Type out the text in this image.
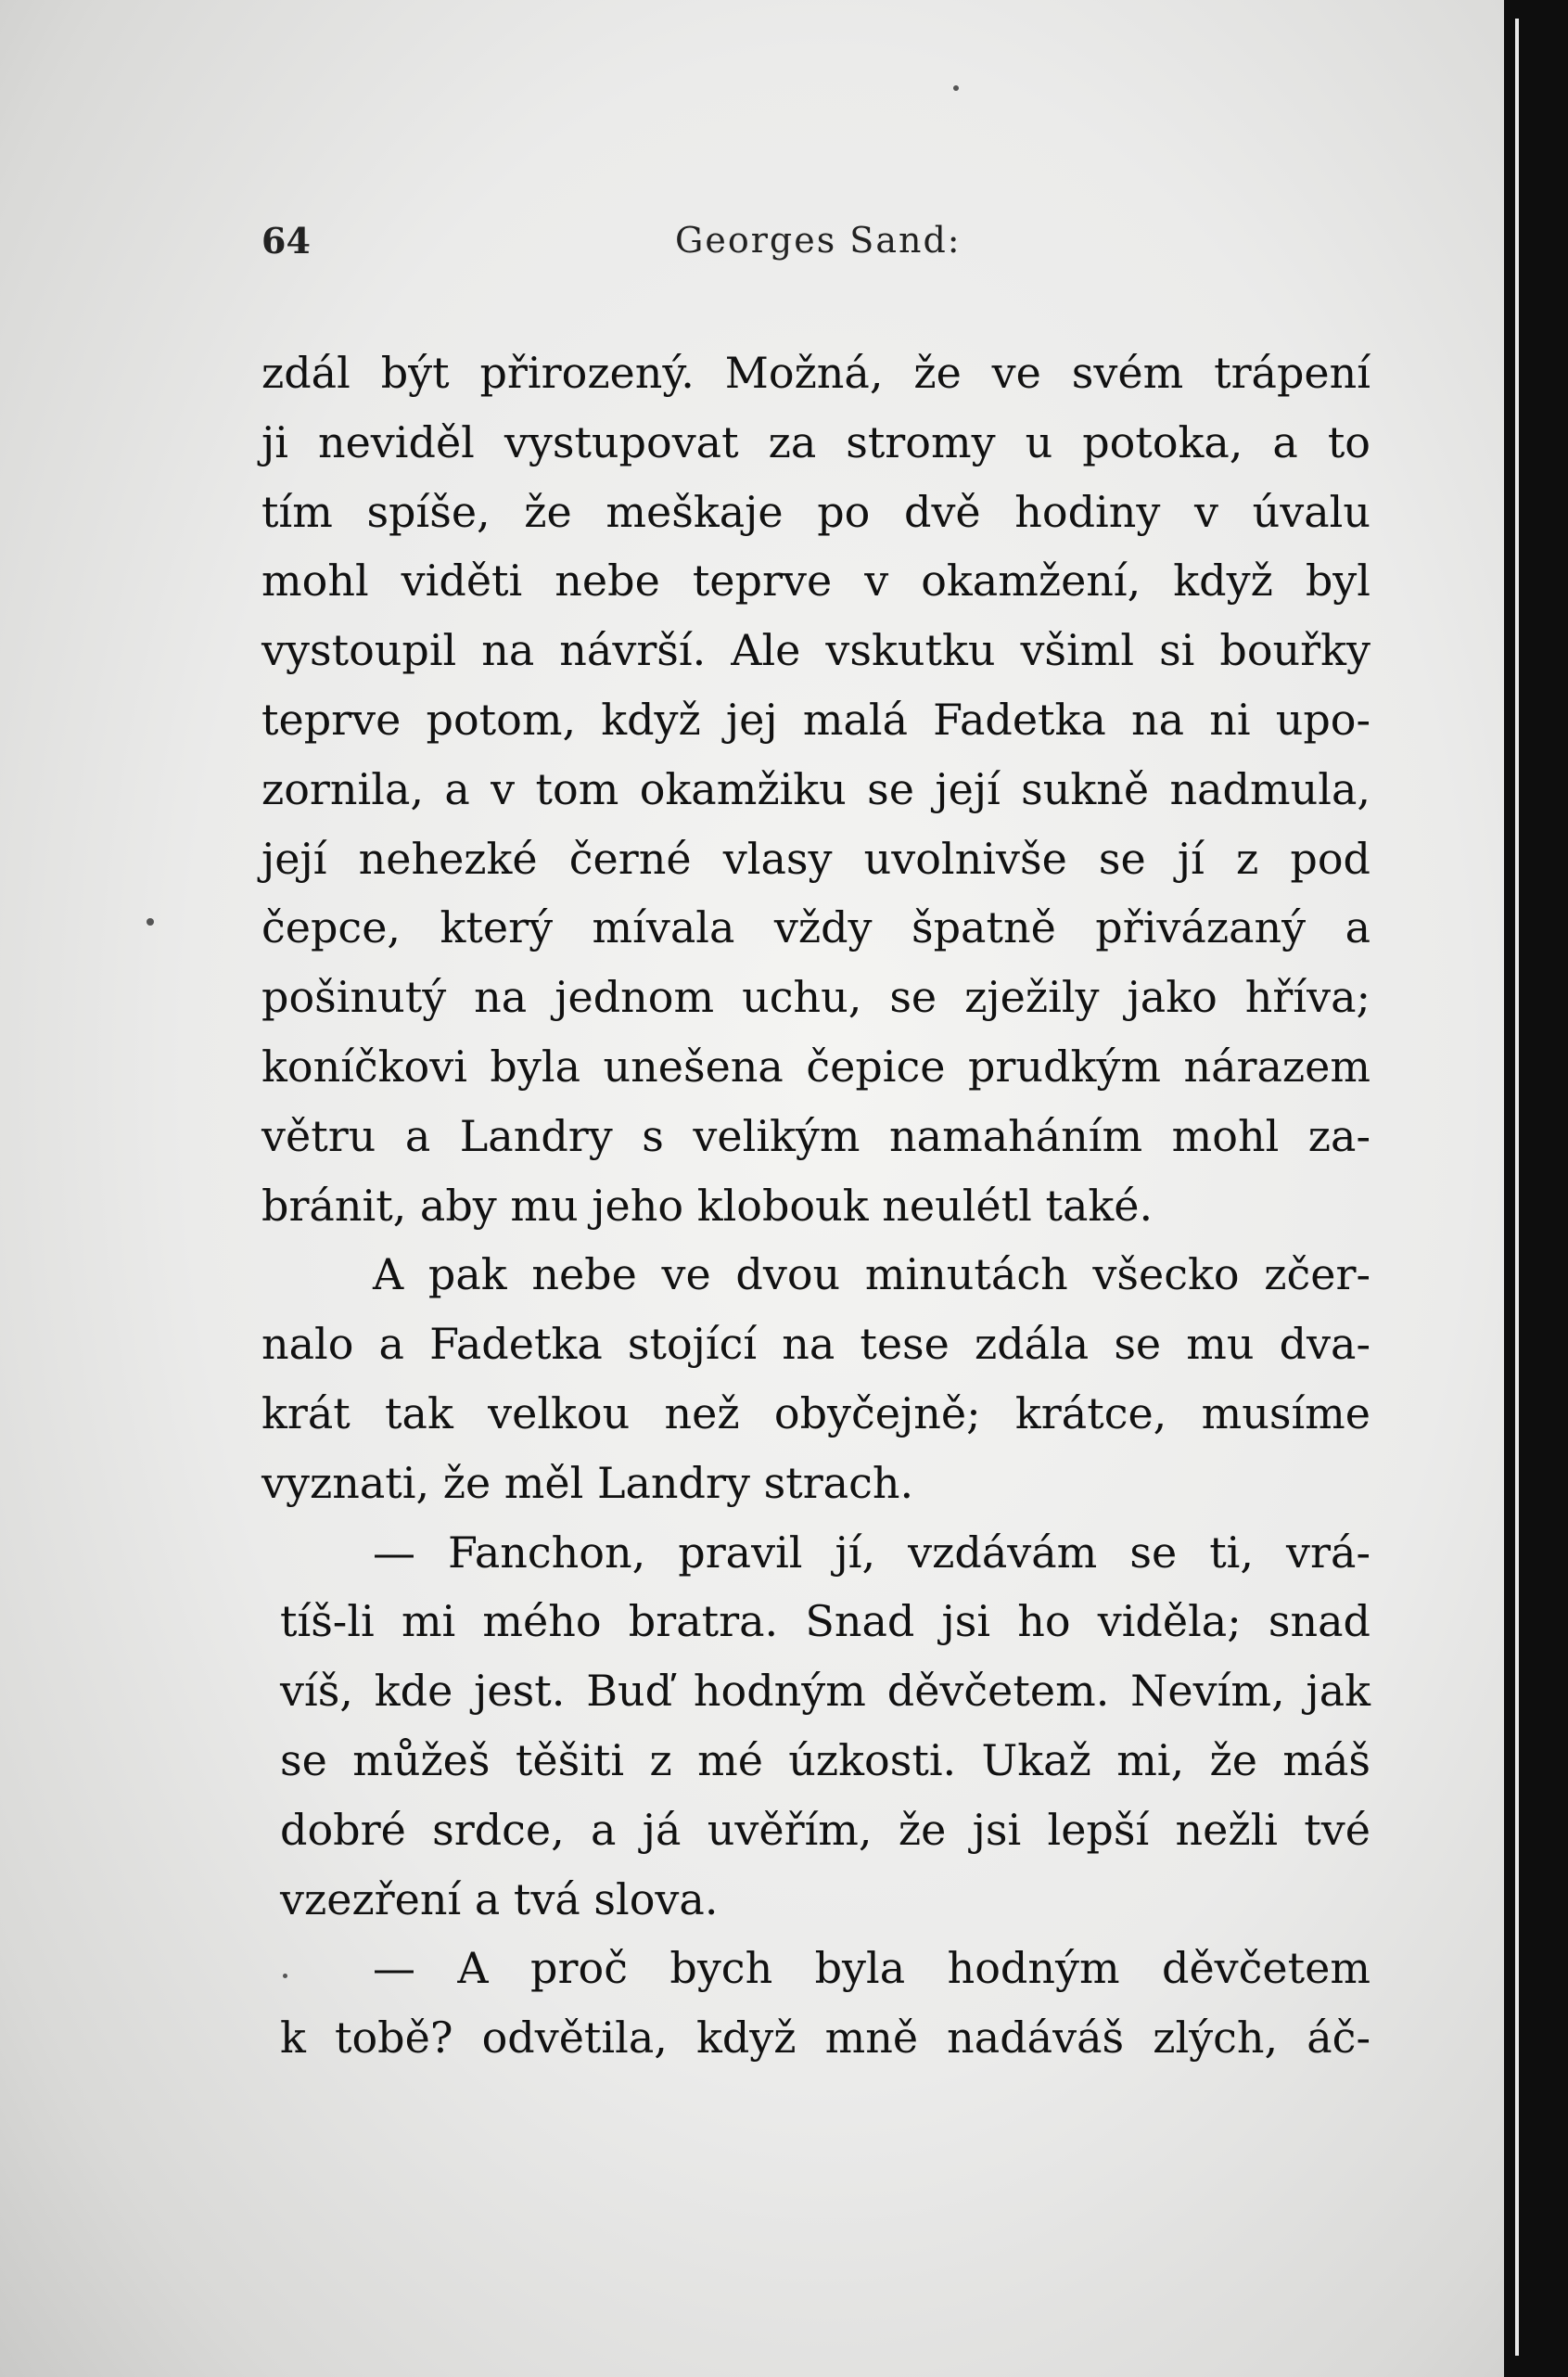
64	Georges Sand:
zdál být přirozený. Možná, že ve svém trápení
ji neviděl vystupovat za stromy u potoka, a to
tím spíše, že meškaje po dvě hodiny v úvalu
mohl viděti nebe teprve v okamžení, když byl
vystoupil na návrší. Ale vskutku všiml si bouřky
teprve potom, když jej malá Fadetka na ni upo-
zornila, a v tom okamžiku se její sukně nadmula,
její nehezké černé vlasy uvolnivše se jí z pod
čepce, který mívala vždy špatně přivázaný a
pošinutý na jednom uchu, se zježily jako hříva;
koníčkovi byla unešena čepice prudkým nárazem
větru a Landry s velikým namaháním mohl za-
bránit, aby mu jeho klobouk neulétl také.
A pak nebe ve dvou minutách všecko zčer-
nalo a Fadetka stojící na tese zdála se mu dva-
krát tak velkou než obyčejně; krátce, musíme
vyznati, že měl Landry strach.
— Fanchon, pravil jí, vzdávám se ti, vrá-
tíš-li mi mého bratra. Snad jsi ho viděla; snad
víš, kde jest. Buď hodným děvčetem. Nevím, jak
se můžeš těšiti z mé úzkosti. Ukaž mi, že máš
dobré srdce, a já uvěřím, že jsi lepší nežli tvé
vzezření a tvá slova.
— A proč bych byla hodným děvčetem
k tobě? odvětila, když mně nadáváš zlých, áč-
